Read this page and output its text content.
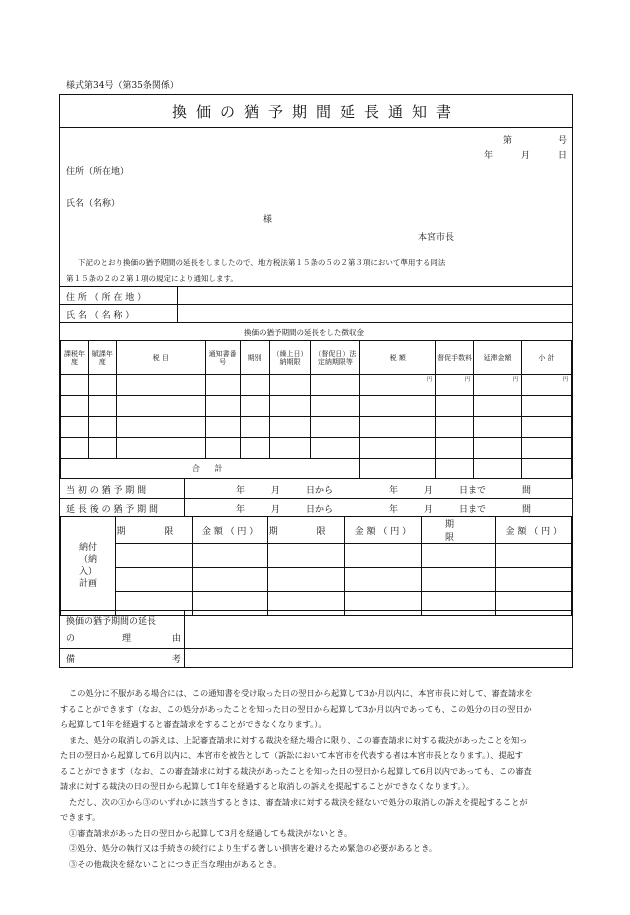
様式第34号（第35条関係）
換価の猶予期間延長通知書
第	号
年	月	日
住所（所在地）
氏名（名称）
様
本宮市長
下記のとおり換価の猶予期間の延長をしましたので、地方税法第１５条の５の２第３項において準用する同法
第１５条の２の２第１項の規定により通知します。
住 所 （ 所 在 地 ）
氏 名 （ 名 称 ）
換価の猶予期間の延長をした徴収金
課税年度	賦課年度	税 目	通知書番号	期別	（繰上日）納期限	（督促日）法定納期限等	税 額	督促手数料	延滞金額	小 計
							円	円	円	円

合 計										
当 初 の 猶 予 期 間	年	月	日から	年	月	日まで	間
延 長 後 の 猶 予 期 間	年	月	日から	年	月	日まで	間
納付（納入）計画	期 限	金 額 （ 円 ）	期 限	金 額 （ 円 ）	期 限	金 額 （ 円 ）

換価の猶予期間の延長
の	理	由
備	考

この処分に不服がある場合には、この通知書を受け取った日の翌日から起算して3か月以内に、本宮市長に対して、審査請求を

することができます（なお、この処分があったことを知った日の翌日から起算して3か月以内であっても、この処分の日の翌日か

ら起算して1年を経過すると審査請求をすることができなくなります。）。

また、処分の取消しの訴えは、上記審査請求に対する裁決を経た場合に限り、この審査請求に対する裁決があったことを知っ

た日の翌日から起算して6月以内に、本宮市を被告として（訴訟において本宮市を代表する者は本宮市長となります。）、提起す

ることができます（なお、この審査請求に対する裁決があったことを知った日の翌日から起算して6月以内であっても、この審査

請求に対する裁決の日の翌日から起算して1年を経過すると取消しの訴えを提起することができなくなります。）。

ただし、次の①から③のいずれかに該当するときは、審査請求に対する裁決を経ないで処分の取消しの訴えを提起することが

できます。

①審査請求があった日の翌日から起算して3月を経過しても裁決がないとき。

②処分、処分の執行又は手続きの続行により生ずる著しい損害を避けるため緊急の必要があるとき。

③その他裁決を経ないことにつき正当な理由があるとき。
